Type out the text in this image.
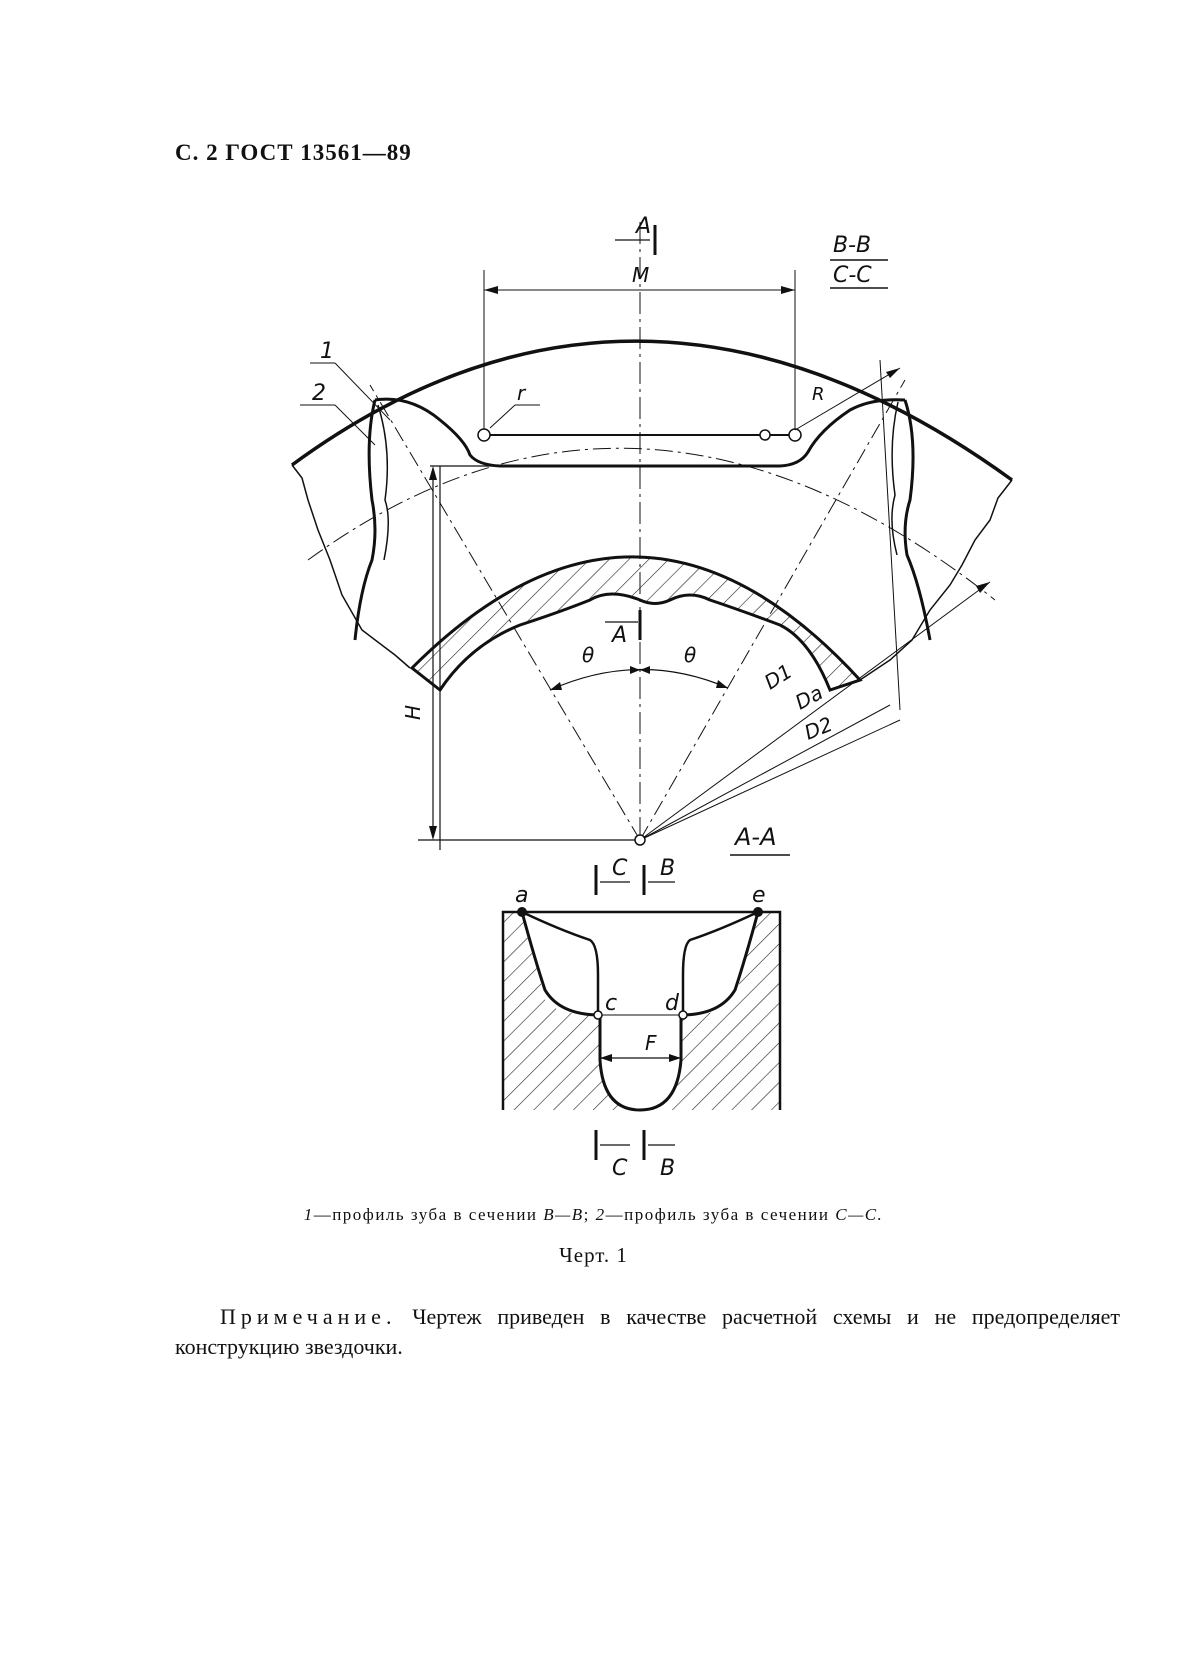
С. 2 ГОСТ 13561—89
H
M
А
А
В-В
С-С
r	R
1
2
θ	θ
D1
Da
D2
А-А
С В
a	e
c d
F
С В
1—профиль зуба в сечении В—В; 2—профиль зуба в сечении С—С.
Черт. 1
Примечание. Чертеж приведен в качестве расчетной схемы и не предопределяет конструкцию звездочки.
